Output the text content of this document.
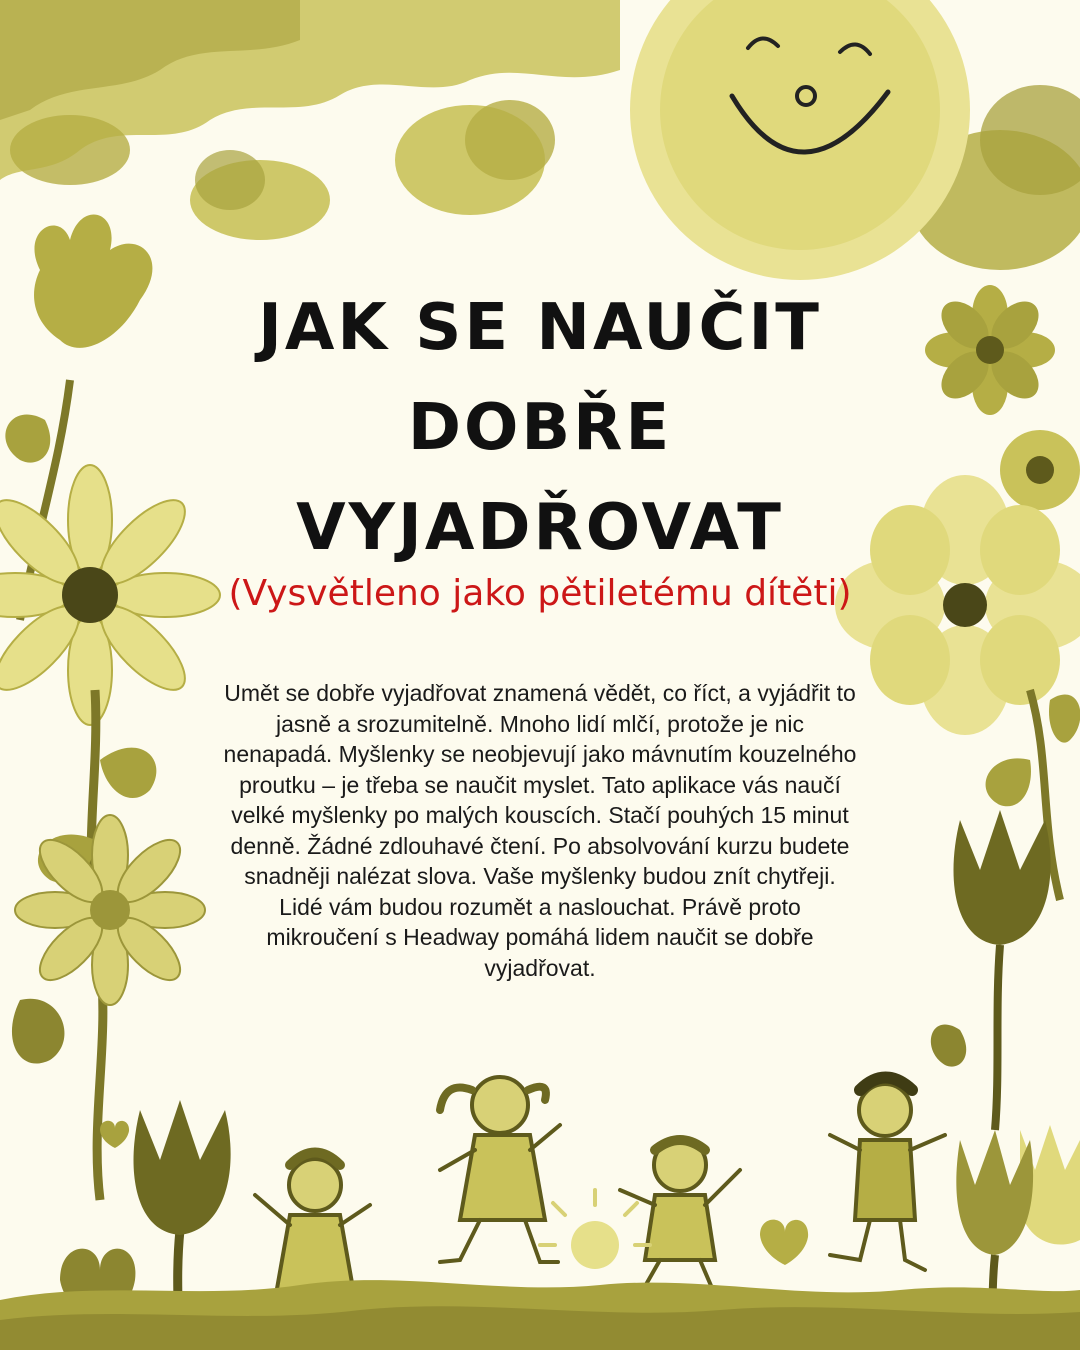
JAK SE NAUČIT
DOBŘE
VYJADŘOVAT

(Vysvětleno jako pětiletému dítěti)

Umět se dobře vyjadřovat znamená vědět, co říct, a vyjádřit to jasně a srozumitelně. Mnoho lidí mlčí, protože je nic nenapadá. Myšlenky se neobjevují jako mávnutím kouzelného proutku – je třeba se naučit myslet. Tato aplikace vás naučí velké myšlenky po malých kouscích. Stačí pouhých 15 minut denně. Žádné zdlouhavé čtení. Po absolvování kurzu budete snadněji nalézat slova. Vaše myšlenky budou znít chytřeji. Lidé vám budou rozumět a naslouchat. Právě proto mikroučení s Headway pomáhá lidem naučit se dobře vyjadřovat.
